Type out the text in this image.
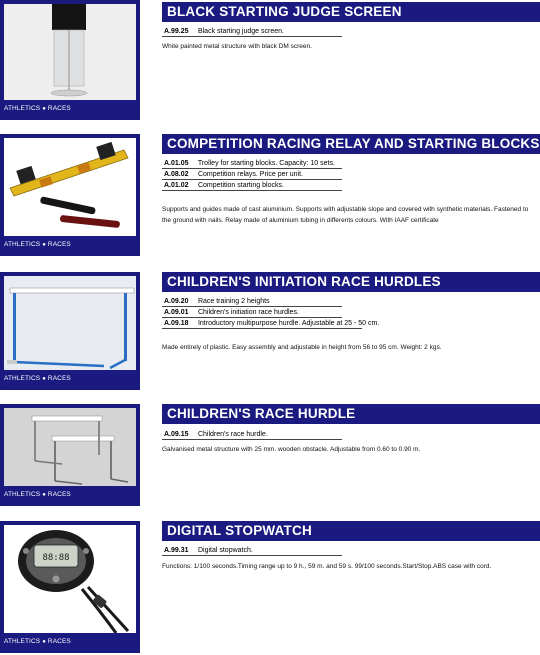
ATHLETICS ● RACES
BLACK STARTING JUDGE SCREEN
A.99.25 Black starting judge screen.
White painted metal structure with black DM screen.
ATHLETICS ● RACES
COMPETITION RACING RELAY AND STARTING BLOCKS
A.01.05 Trolley for starting blocks. Capacity: 10 sets.
A.08.02 Competition relays. Price per unit.
A.01.02 Competition starting blocks.
Supports and guides made of cast aluminium. Supports with adjustable slope and covered with synthetic materials. Fastened to the ground with nails. Relay made of aluminium tubing in differents colours. With IAAF certificate
ATHLETICS ● RACES
CHILDREN'S INITIATION RACE HURDLES
A.09.20 Race training 2 heights
A.09.01 Children's initiation race hurdles.
A.09.18 Introductory multipurpose hurdle. Adjustable at 25 - 50 cm.
Made entirely of plastic. Easy assembly and adjustable in height from 56 to 95 cm. Weight: 2 kgs.
ATHLETICS ● RACES
CHILDREN'S RACE HURDLE
A.09.15 Children's race hurdle.
Galvanised metal structure with 25 mm. wooden obstacle. Adjustable from 0.60 to 0.90 m.
88:88
ATHLETICS ● RACES
DIGITAL STOPWATCH
A.99.31 Digital stopwatch.
Functions: 1/100 seconds.Timing range up to 9 h., 59 m. and 59 s. 99/100 seconds.Start/Stop.ABS case with cord.
